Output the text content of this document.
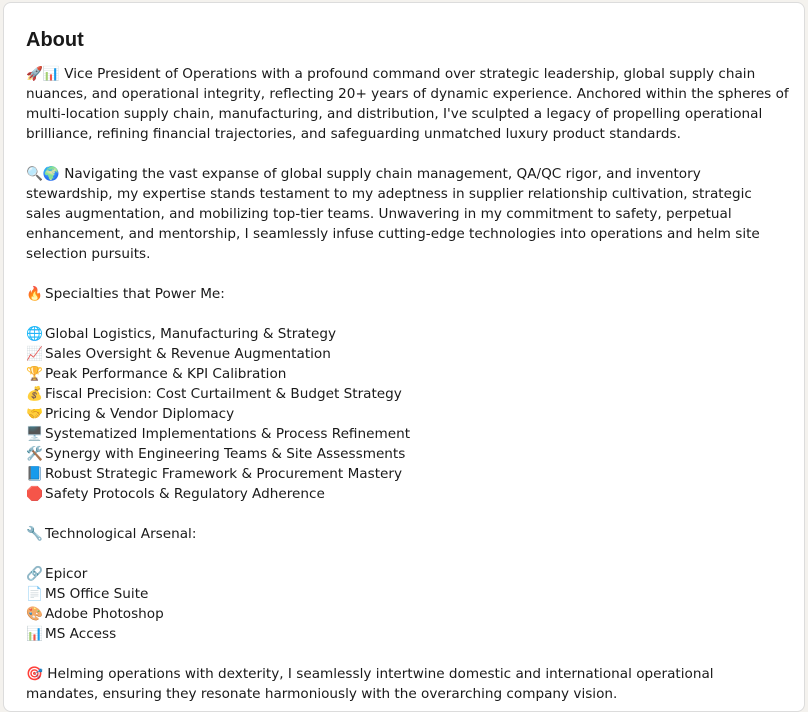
About

🚀📊 Vice President of Operations with a profound command over strategic leadership, global supply chain nuances, and operational integrity, reflecting 20+ years of dynamic experience. Anchored within the spheres of multi-location supply chain, manufacturing, and distribution, I've sculpted a legacy of propelling operational brilliance, refining financial trajectories, and safeguarding unmatched luxury product standards.

🔍🌍 Navigating the vast expanse of global supply chain management, QA/QC rigor, and inventory stewardship, my expertise stands testament to my adeptness in supplier relationship cultivation, strategic sales augmentation, and mobilizing top-tier teams. Unwavering in my commitment to safety, perpetual enhancement, and mentorship, I seamlessly infuse cutting-edge technologies into operations and helm site selection pursuits.

🔥 Specialties that Power Me:
🌐 Global Logistics, Manufacturing & Strategy
📈 Sales Oversight & Revenue Augmentation
🏆 Peak Performance & KPI Calibration
💰 Fiscal Precision: Cost Curtailment & Budget Strategy
🤝 Pricing & Vendor Diplomacy
🖥️ Systematized Implementations & Process Refinement
🛠️ Synergy with Engineering Teams & Site Assessments
📘 Robust Strategic Framework & Procurement Mastery
🛑 Safety Protocols & Regulatory Adherence
🔧 Technological Arsenal:
🔗 Epicor
📄 MS Office Suite
🎨 Adobe Photoshop
📊 MS Access

🎯 Helming operations with dexterity, I seamlessly intertwine domestic and international operational mandates, ensuring they resonate harmoniously with the overarching company vision.
